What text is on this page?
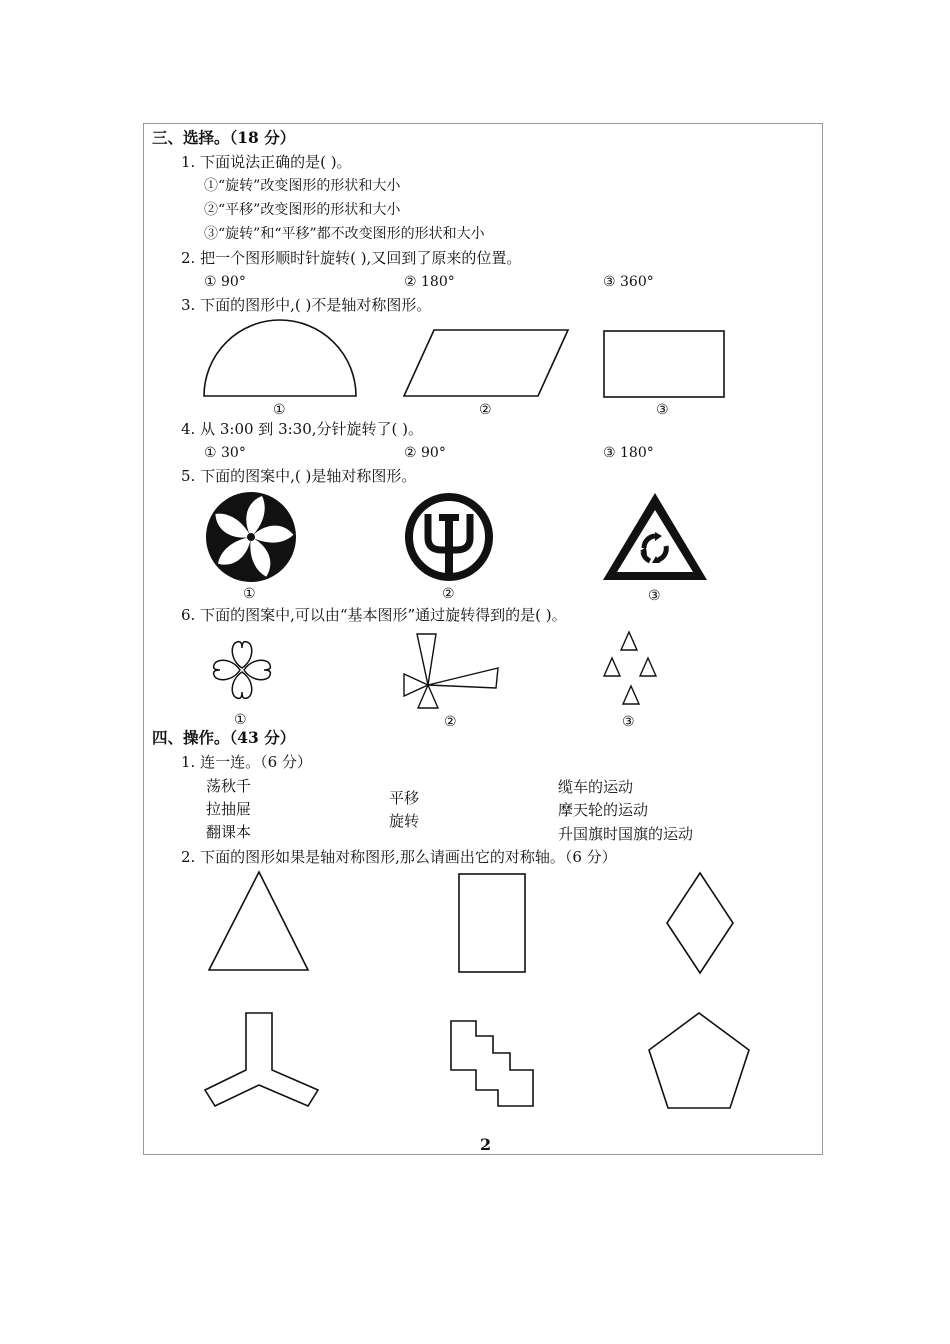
三、选择。（18 分）
1. 下面说法正确的是( )。
①“旋转”改变图形的形状和大小
②“平移”改变图形的形状和大小
③“旋转”和“平移”都不改变图形的形状和大小
2. 把一个图形顺时针旋转( ),又回到了原来的位置。
① 90°	② 180°	③ 360°
3. 下面的图形中,( )不是轴对称图形。
①	②	③
4. 从 3:00 到 3:30,分针旋转了( )。
① 30°	② 90°	③ 180°
5. 下面的图案中,( )是轴对称图形。
①	②	③
6. 下面的图案中,可以由“基本图形”通过旋转得到的是( )。
①	②	③
四、操作。（43 分）
1. 连一连。（6 分）
荡秋千
拉抽屉
翻课本
平移
旋转
缆车的运动
摩天轮的运动
升国旗时国旗的运动
2. 下面的图形如果是轴对称图形,那么请画出它的对称轴。（6 分）
2
